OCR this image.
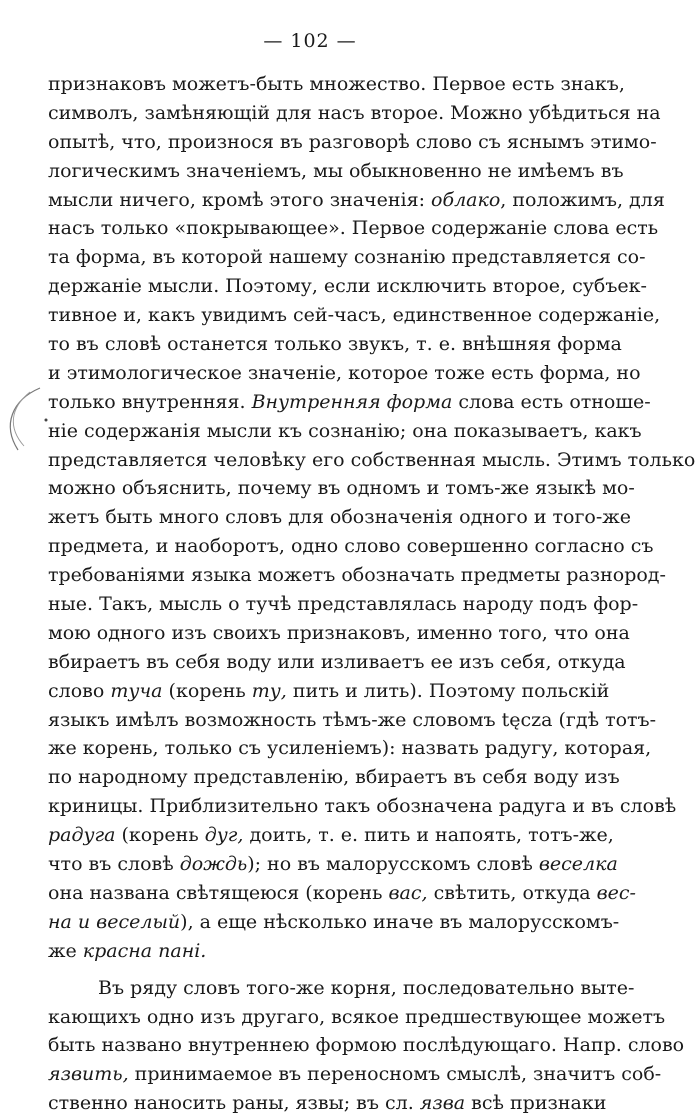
— 102 —
признаковъ можетъ-быть множество. Первое есть знакъ,
символъ, замѣняющій для насъ второе. Можно убѣдиться на
опытѣ, что, произнося въ разговорѣ слово съ яснымъ этимо-
логическимъ значеніемъ, мы обыкновенно не имѣемъ въ
мысли ничего, кромѣ этого значенія: облако, положимъ, для
насъ только «покрывающее». Первое содержаніе слова есть
та форма, въ которой нашему сознанію представляется со-
держаніе мысли. Поэтому, если исключить второе, субъек-
тивное и, какъ увидимъ сей-часъ, единственное содержаніе,
то въ словѣ останется только звукъ, т. е. внѣшняя форма
и этимологическое значеніе, которое тоже есть форма, но
только внутренняя. Внутренняя форма слова есть отноше-
ніе содержанія мысли къ сознанію; она показываетъ, какъ
представляется человѣку его собственная мысль. Этимъ только
можно объяснить, почему въ одномъ и томъ-же языкѣ мо-
жетъ быть много словъ для обозначенія одного и того-же
предмета, и наоборотъ, одно слово совершенно согласно съ
требованіями языка можетъ обозначать предметы разнород-
ные. Такъ, мысль о тучѣ представлялась народу подъ фор-
мою одного изъ своихъ признаковъ, именно того, что она
вбираетъ въ себя воду или изливаетъ ее изъ себя, откуда
слово туча (корень ту, пить и лить). Поэтому польскій
языкъ имѣлъ возможность тѣмъ-же словомъ tęcza (гдѣ тотъ-
же корень, только съ усиленіемъ): назвать радугу, которая,
по народному представленію, вбираетъ въ себя воду изъ
криницы. Приблизительно такъ обозначена радуга и въ словѣ
радуга (корень дуг, доить, т. е. пить и напоять, тотъ-же,
что въ словѣ дождь); но въ малорусскомъ словѣ веселка
она названа свѣтящеюся (корень вас, свѣтить, откуда вес-
на и веселый), а еще нѣсколько иначе въ малорусскомъ-
же красна пані.
Въ ряду словъ того-же корня, последовательно выте-
кающихъ одно изъ другаго, всякое предшествующее можетъ
быть названо внутреннею формою послѣдующаго. Напр. слово
язвить, принимаемое въ переносномъ смыслѣ, значитъ соб-
ственно наносить раны, язвы; въ сл. язва всѣ признаки
